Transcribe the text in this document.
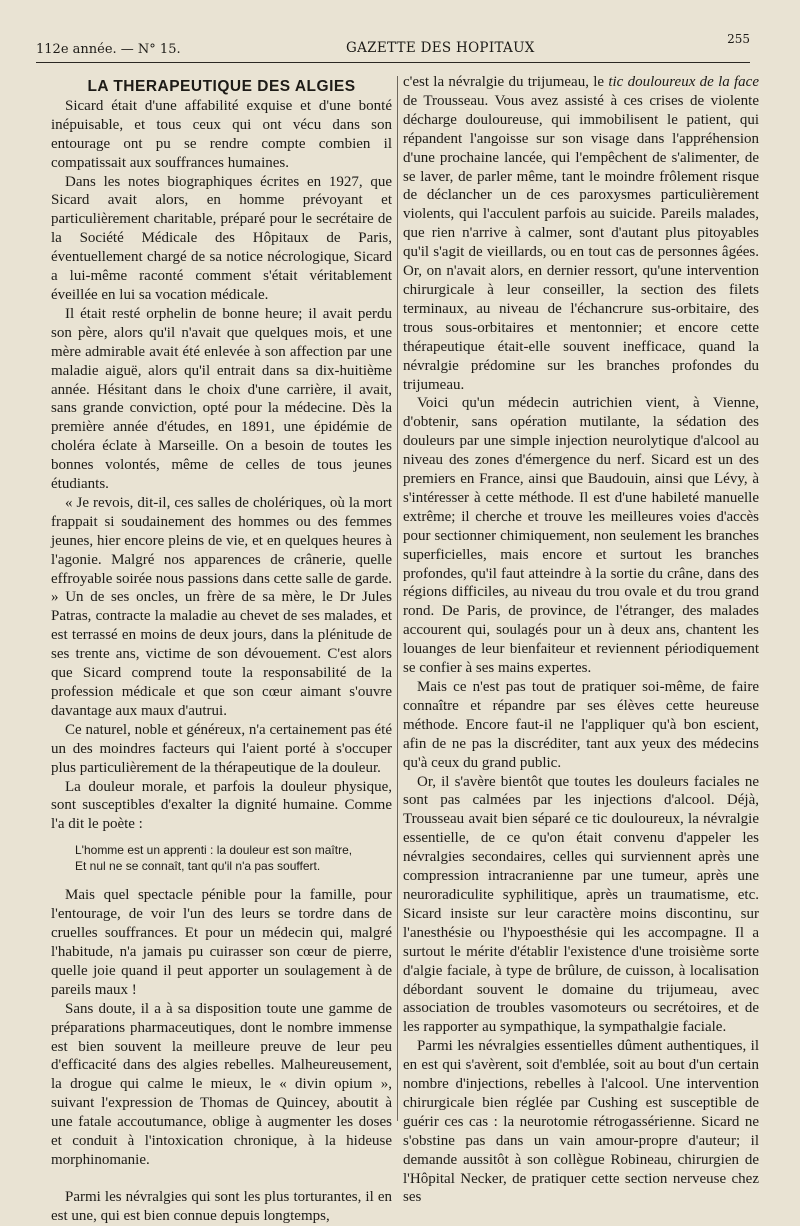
112e année. — N° 15.	GAZETTE DES HOPITAUX
255

LA THERAPEUTIQUE DES ALGIES

Sicard était d'une affabilité exquise et d'une bonté inépuisable, et tous ceux qui ont vécu dans son entourage ont pu se rendre compte combien il compatissait aux souffrances humaines.

Dans les notes biographiques écrites en 1927, que Sicard avait alors, en homme prévoyant et particulièrement charitable, préparé pour le secrétaire de la Société Médicale des Hôpitaux de Paris, éventuellement chargé de sa notice nécrologique, Sicard a lui-même raconté comment s'était véritablement éveillée en lui sa vocation médicale.

Il était resté orphelin de bonne heure; il avait perdu son père, alors qu'il n'avait que quelques mois, et une mère admirable avait été enlevée à son affection par une maladie aiguë, alors qu'il entrait dans sa dix-huitième année. Hésitant dans le choix d'une carrière, il avait, sans grande conviction, opté pour la médecine. Dès la première année d'études, en 1891, une épidémie de choléra éclate à Marseille. On a besoin de toutes les bonnes volontés, même de celles de tous jeunes étudiants.

« Je revois, dit-il, ces salles de cholériques, où la mort frappait si soudainement des hommes ou des femmes jeunes, hier encore pleins de vie, et en quelques heures à l'agonie. Malgré nos apparences de crânerie, quelle effroyable soirée nous passions dans cette salle de garde. » Un de ses oncles, un frère de sa mère, le Dr Jules Patras, contracte la maladie au chevet de ses malades, et est terrassé en moins de deux jours, dans la plénitude de ses trente ans, victime de son dévouement. C'est alors que Sicard comprend toute la responsabilité de la profession médicale et que son cœur aimant s'ouvre davantage aux maux d'autrui.

Ce naturel, noble et généreux, n'a certainement pas été un des moindres facteurs qui l'aient porté à s'occuper plus particulièrement de la thérapeutique de la douleur.

La douleur morale, et parfois la douleur physique, sont susceptibles d'exalter la dignité humaine. Comme l'a dit le poète :

L'homme est un apprenti : la douleur est son maître,
Et nul ne se connaît, tant qu'il n'a pas souffert.

Mais quel spectacle pénible pour la famille, pour l'entourage, de voir l'un des leurs se tordre dans de cruelles souffrances. Et pour un médecin qui, malgré l'habitude, n'a jamais pu cuirasser son cœur de pierre, quelle joie quand il peut apporter un soulagement à de pareils maux !

Sans doute, il a à sa disposition toute une gamme de préparations pharmaceutiques, dont le nombre immense est bien souvent la meilleure preuve de leur peu d'efficacité dans des algies rebelles. Malheureusement, la drogue qui calme le mieux, le « divin opium », suivant l'expression de Thomas de Quincey, aboutit à une fatale accoutumance, oblige à augmenter les doses et conduit à l'intoxication chronique, à la hideuse morphinomanie.

Parmi les névralgies qui sont les plus torturantes, il en est une, qui est bien connue depuis longtemps,

c'est la névralgie du trijumeau, le tic douloureux de la face de Trousseau. Vous avez assisté à ces crises de violente décharge douloureuse, qui immobilisent le patient, qui répandent l'angoisse sur son visage dans l'appréhension d'une prochaine lancée, qui l'empêchent de s'alimenter, de se laver, de parler même, tant le moindre frôlement risque de déclancher un de ces paroxysmes particulièrement violents, qui l'acculent parfois au suicide. Pareils malades, que rien n'arrive à calmer, sont d'autant plus pitoyables qu'il s'agit de vieillards, ou en tout cas de personnes âgées. Or, on n'avait alors, en dernier ressort, qu'une intervention chirurgicale à leur conseiller, la section des filets terminaux, au niveau de l'échancrure sus-orbitaire, des trous sous-orbitaires et mentonnier; et encore cette thérapeutique était-elle souvent inefficace, quand la névralgie prédomine sur les branches profondes du trijumeau.

Voici qu'un médecin autrichien vient, à Vienne, d'obtenir, sans opération mutilante, la sédation des douleurs par une simple injection neurolytique d'alcool au niveau des zones d'émergence du nerf. Sicard est un des premiers en France, ainsi que Baudouin, ainsi que Lévy, à s'intéresser à cette méthode. Il est d'une habileté manuelle extrême; il cherche et trouve les meilleures voies d'accès pour sectionner chimiquement, non seulement les branches superficielles, mais encore et surtout les branches profondes, qu'il faut atteindre à la sortie du crâne, dans des régions difficiles, au niveau du trou ovale et du trou grand rond. De Paris, de province, de l'étranger, des malades accourent qui, soulagés pour un à deux ans, chantent les louanges de leur bienfaiteur et reviennent périodiquement se confier à ses mains expertes.

Mais ce n'est pas tout de pratiquer soi-même, de faire connaître et répandre par ses élèves cette heureuse méthode. Encore faut-il ne l'appliquer qu'à bon escient, afin de ne pas la discréditer, tant aux yeux des médecins qu'à ceux du grand public.

Or, il s'avère bientôt que toutes les douleurs faciales ne sont pas calmées par les injections d'alcool. Déjà, Trousseau avait bien séparé ce tic douloureux, la névralgie essentielle, de ce qu'on était convenu d'appeler les névralgies secondaires, celles qui surviennent après une compression intracranienne par une tumeur, après une neuroradiculite syphilitique, après un traumatisme, etc. Sicard insiste sur leur caractère moins discontinu, sur l'anesthésie ou l'hypoesthésie qui les accompagne. Il a surtout le mérite d'établir l'existence d'une troisième sorte d'algie faciale, à type de brûlure, de cuisson, à localisation débordant souvent le domaine du trijumeau, avec association de troubles vasomoteurs ou secrétoires, et de les rapporter au sympathique, la sympathalgie faciale.

Parmi les névralgies essentielles dûment authentiques, il en est qui s'avèrent, soit d'emblée, soit au bout d'un certain nombre d'injections, rebelles à l'alcool. Une intervention chirurgicale bien réglée par Cushing est susceptible de guérir ces cas : la neurotomie rétrogassérienne. Sicard ne s'obstine pas dans un vain amour-propre d'auteur; il demande aussitôt à son collègue Robineau, chirurgien de l'Hôpital Necker, de pratiquer cette section nerveuse chez ses
